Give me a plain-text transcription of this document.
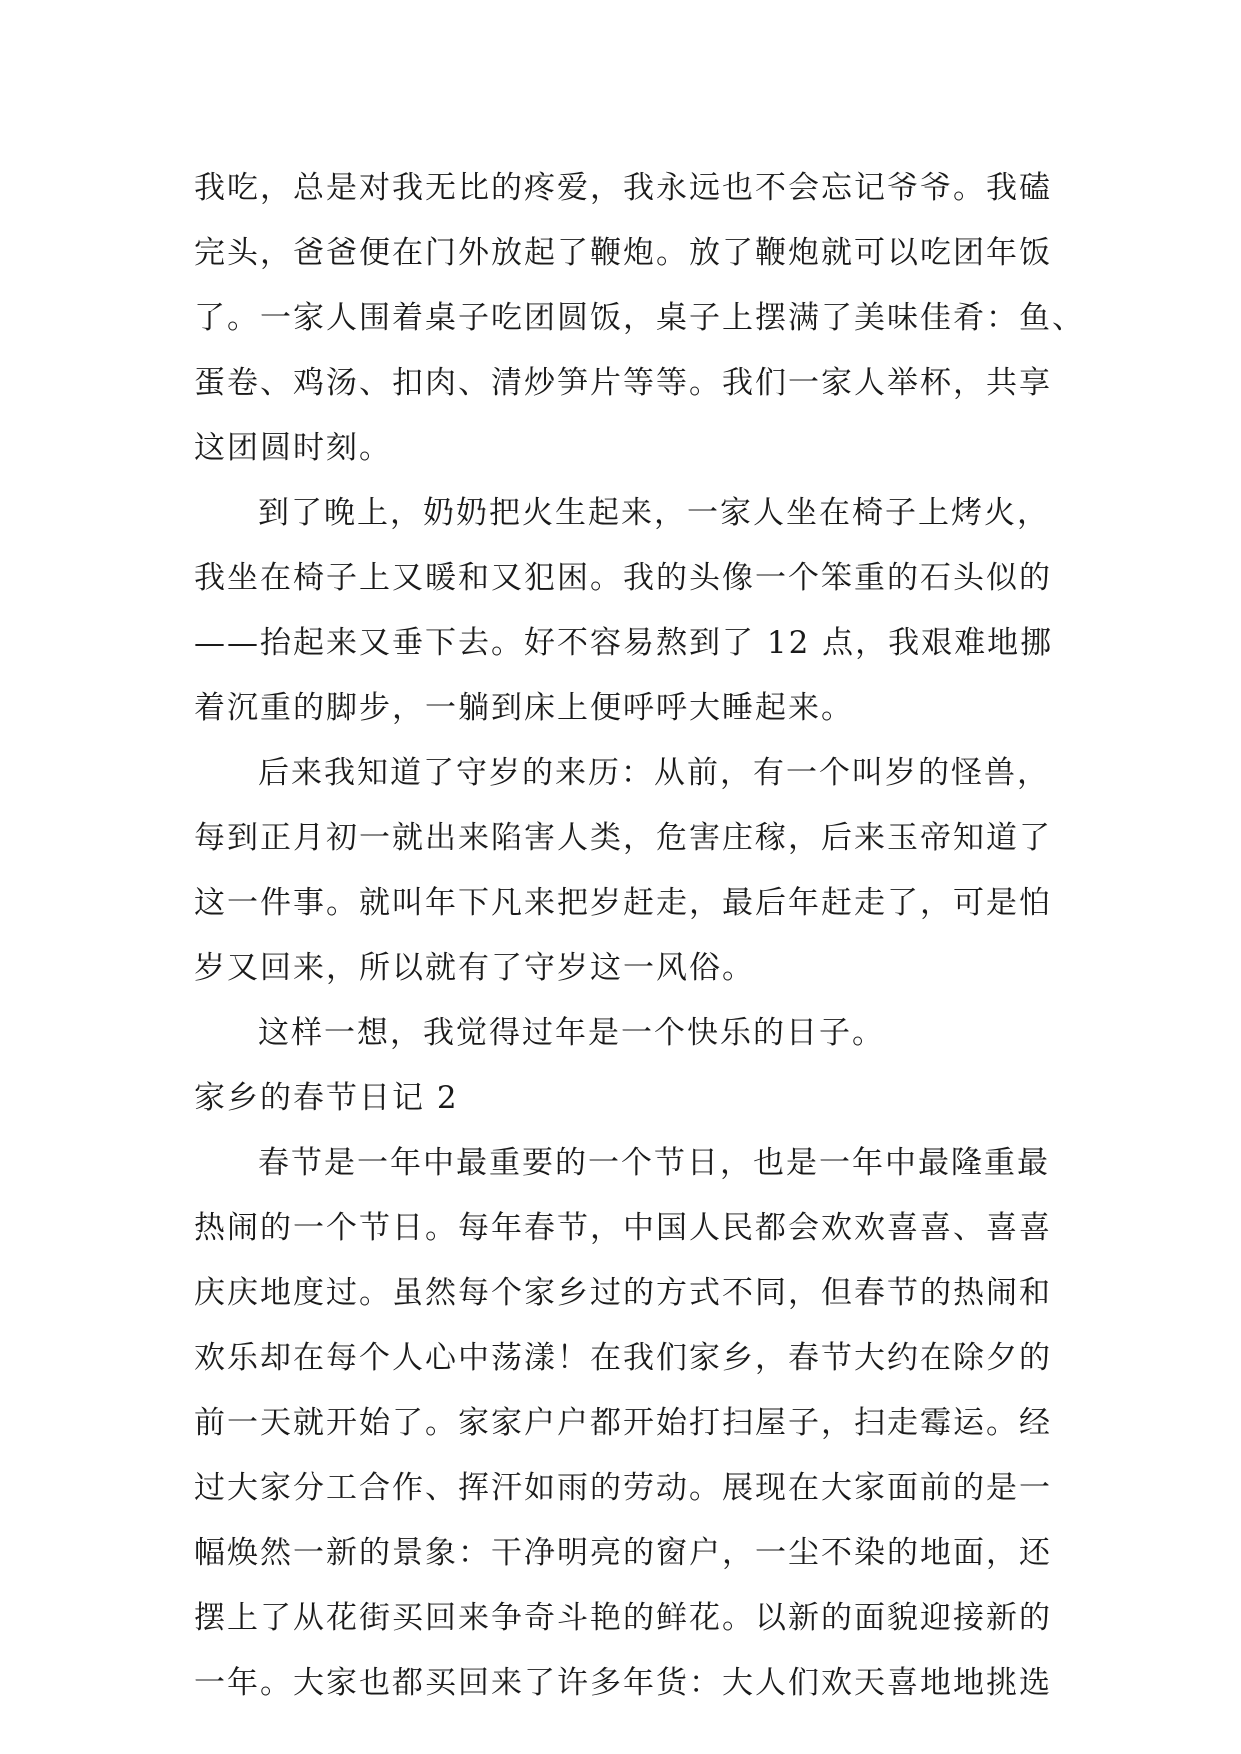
我吃，总是对我无比的疼爱，我永远也不会忘记爷爷。我磕
完头，爸爸便在门外放起了鞭炮。放了鞭炮就可以吃团年饭
了。一家人围着桌子吃团圆饭，桌子上摆满了美味佳肴：鱼、
蛋卷、鸡汤、扣肉、清炒笋片等等。我们一家人举杯，共享
这团圆时刻。
到了晚上，奶奶把火生起来，一家人坐在椅子上烤火，
我坐在椅子上又暖和又犯困。我的头像一个笨重的石头似的
——抬起来又垂下去。好不容易熬到了 12 点，我艰难地挪
着沉重的脚步，一躺到床上便呼呼大睡起来。
后来我知道了守岁的来历：从前，有一个叫岁的怪兽，
每到正月初一就出来陷害人类，危害庄稼，后来玉帝知道了
这一件事。就叫年下凡来把岁赶走，最后年赶走了，可是怕
岁又回来，所以就有了守岁这一风俗。
这样一想，我觉得过年是一个快乐的日子。
家乡的春节日记 2
春节是一年中最重要的一个节日，也是一年中最隆重最
热闹的一个节日。每年春节，中国人民都会欢欢喜喜、喜喜
庆庆地度过。虽然每个家乡过的方式不同，但春节的热闹和
欢乐却在每个人心中荡漾！在我们家乡，春节大约在除夕的
前一天就开始了。家家户户都开始打扫屋子，扫走霉运。经
过大家分工合作、挥汗如雨的劳动。展现在大家面前的是一
幅焕然一新的景象：干净明亮的窗户，一尘不染的地面，还
摆上了从花街买回来争奇斗艳的鲜花。以新的面貌迎接新的
一年。大家也都买回来了许多年货：大人们欢天喜地地挑选
